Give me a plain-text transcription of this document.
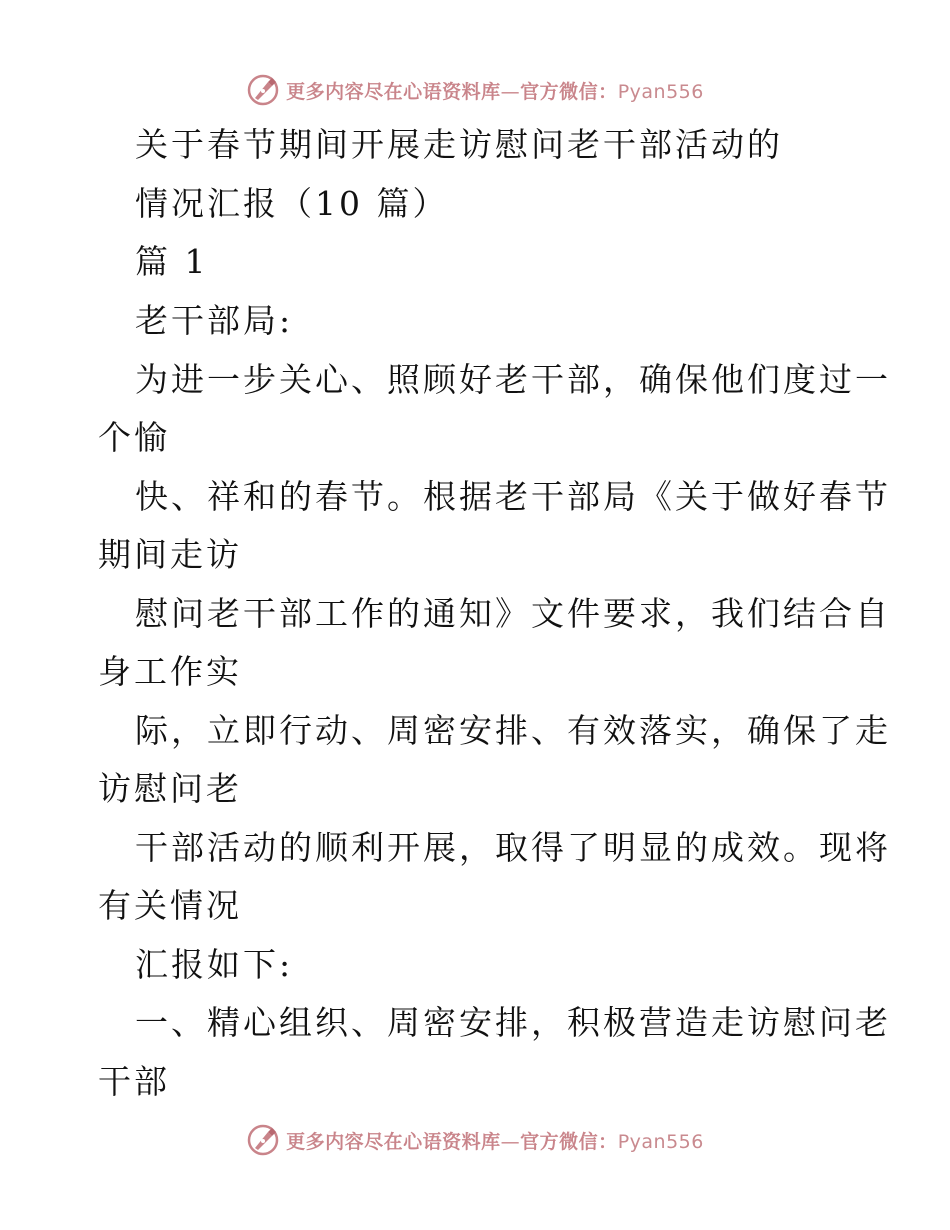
更多内容尽在心语资料库—官方微信：Pyan556
关于春节期间开展走访慰问老干部活动的
情况汇报（10 篇）
篇 1
老干部局:
为进一步关心、照顾好老干部，确保他们度过一
个愉
快、祥和的春节。根据老干部局《关于做好春节
期间走访
慰问老干部工作的通知》文件要求，我们结合自
身工作实
际，立即行动、周密安排、有效落实，确保了走
访慰问老
干部活动的顺利开展，取得了明显的成效。现将
有关情况
汇报如下:
一、精心组织、周密安排，积极营造走访慰问老
干部
更多内容尽在心语资料库—官方微信：Pyan556
